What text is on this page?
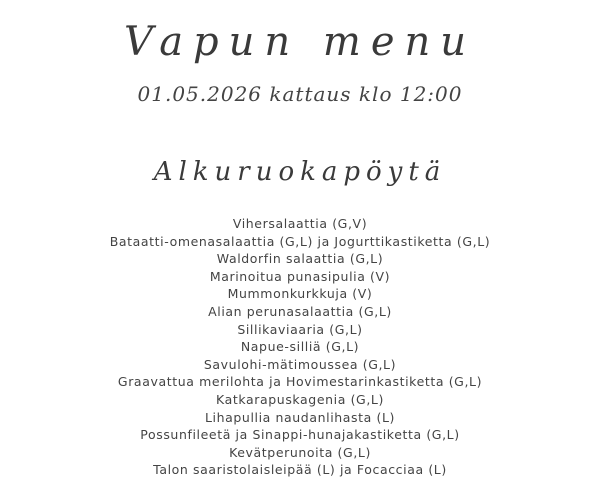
Vapun menu
01.05.2026 kattaus klo 12:00
Alkuruokapöytä
Vihersalaattia (G,V)
Bataatti-omenasalaattia (G,L) ja Jogurttikastiketta (G,L)
Waldorfin salaattia (G,L)
Marinoitua punasipulia (V)
Mummonkurkkuja (V)
Alian perunasalaattia (G,L)
Sillikaviaaria (G,L)
Napue-silliä (G,L)
Savulohi-mätimoussea (G,L)
Graavattua merilohta ja Hovimestarinkastiketta (G,L)
Katkarapuskagenia (G,L)
Lihapullia naudanlihasta (L)
Possunfileetä ja Sinappi-hunajakastiketta (G,L)
Kevätperunoita (G,L)
Talon saaristolaisleipää (L) ja Focacciaa (L)
